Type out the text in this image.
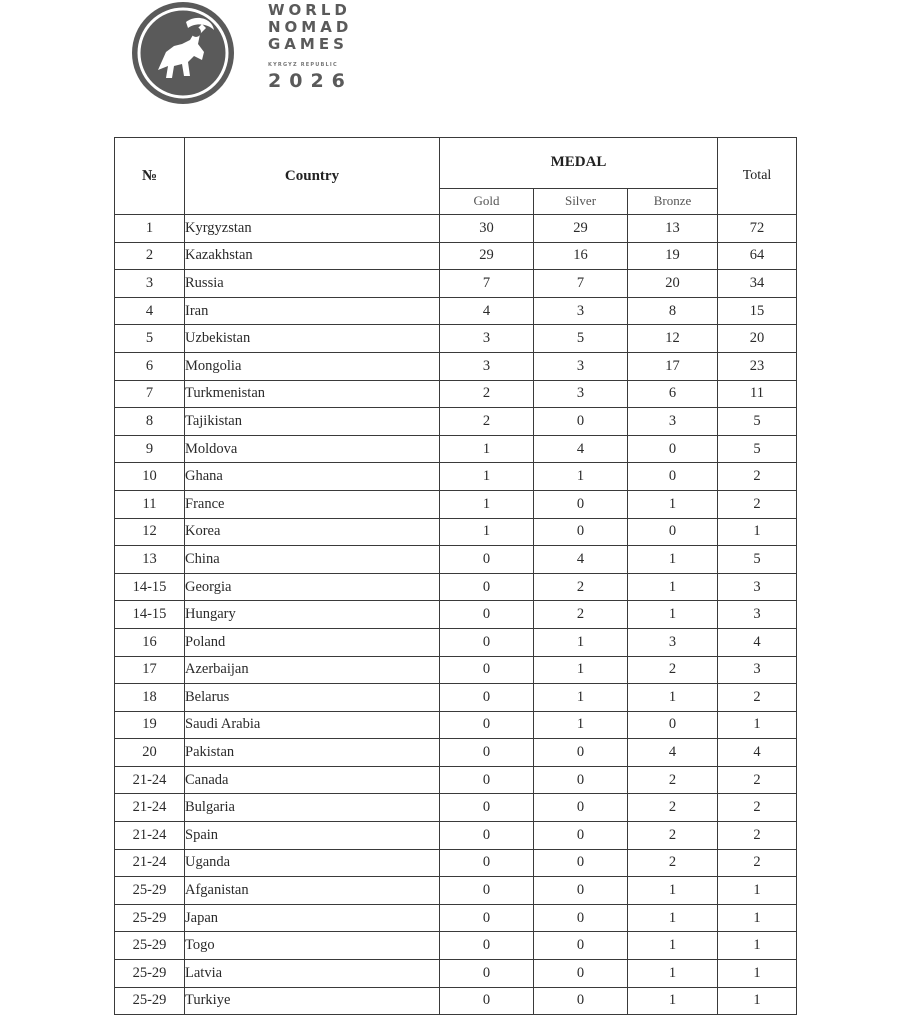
WORLD
NOMAD
GAMES
KYRGYZ REPUBLIC
2026
№	Country	MEDAL			Total
		Gold	Silver	Bronze	
1	Kyrgyzstan	30	29	13	72
2	Kazakhstan	29	16	19	64
3	Russia	7	7	20	34
4	Iran	4	3	8	15
5	Uzbekistan	3	5	12	20
6	Mongolia	3	3	17	23
7	Turkmenistan	2	3	6	11
8	Tajikistan	2	0	3	5
9	Moldova	1	4	0	5
10	Ghana	1	1	0	2
11	France	1	0	1	2
12	Korea	1	0	0	1
13	China	0	4	1	5
14-15	Georgia	0	2	1	3
14-15	Hungary	0	2	1	3
16	Poland	0	1	3	4
17	Azerbaijan	0	1	2	3
18	Belarus	0	1	1	2
19	Saudi Arabia	0	1	0	1
20	Pakistan	0	0	4	4
21-24	Canada	0	0	2	2
21-24	Bulgaria	0	0	2	2
21-24	Spain	0	0	2	2
21-24	Uganda	0	0	2	2
25-29	Afganistan	0	0	1	1
25-29	Japan	0	0	1	1
25-29	Togo	0	0	1	1
25-29	Latvia	0	0	1	1
25-29	Turkiye	0	0	1	1
